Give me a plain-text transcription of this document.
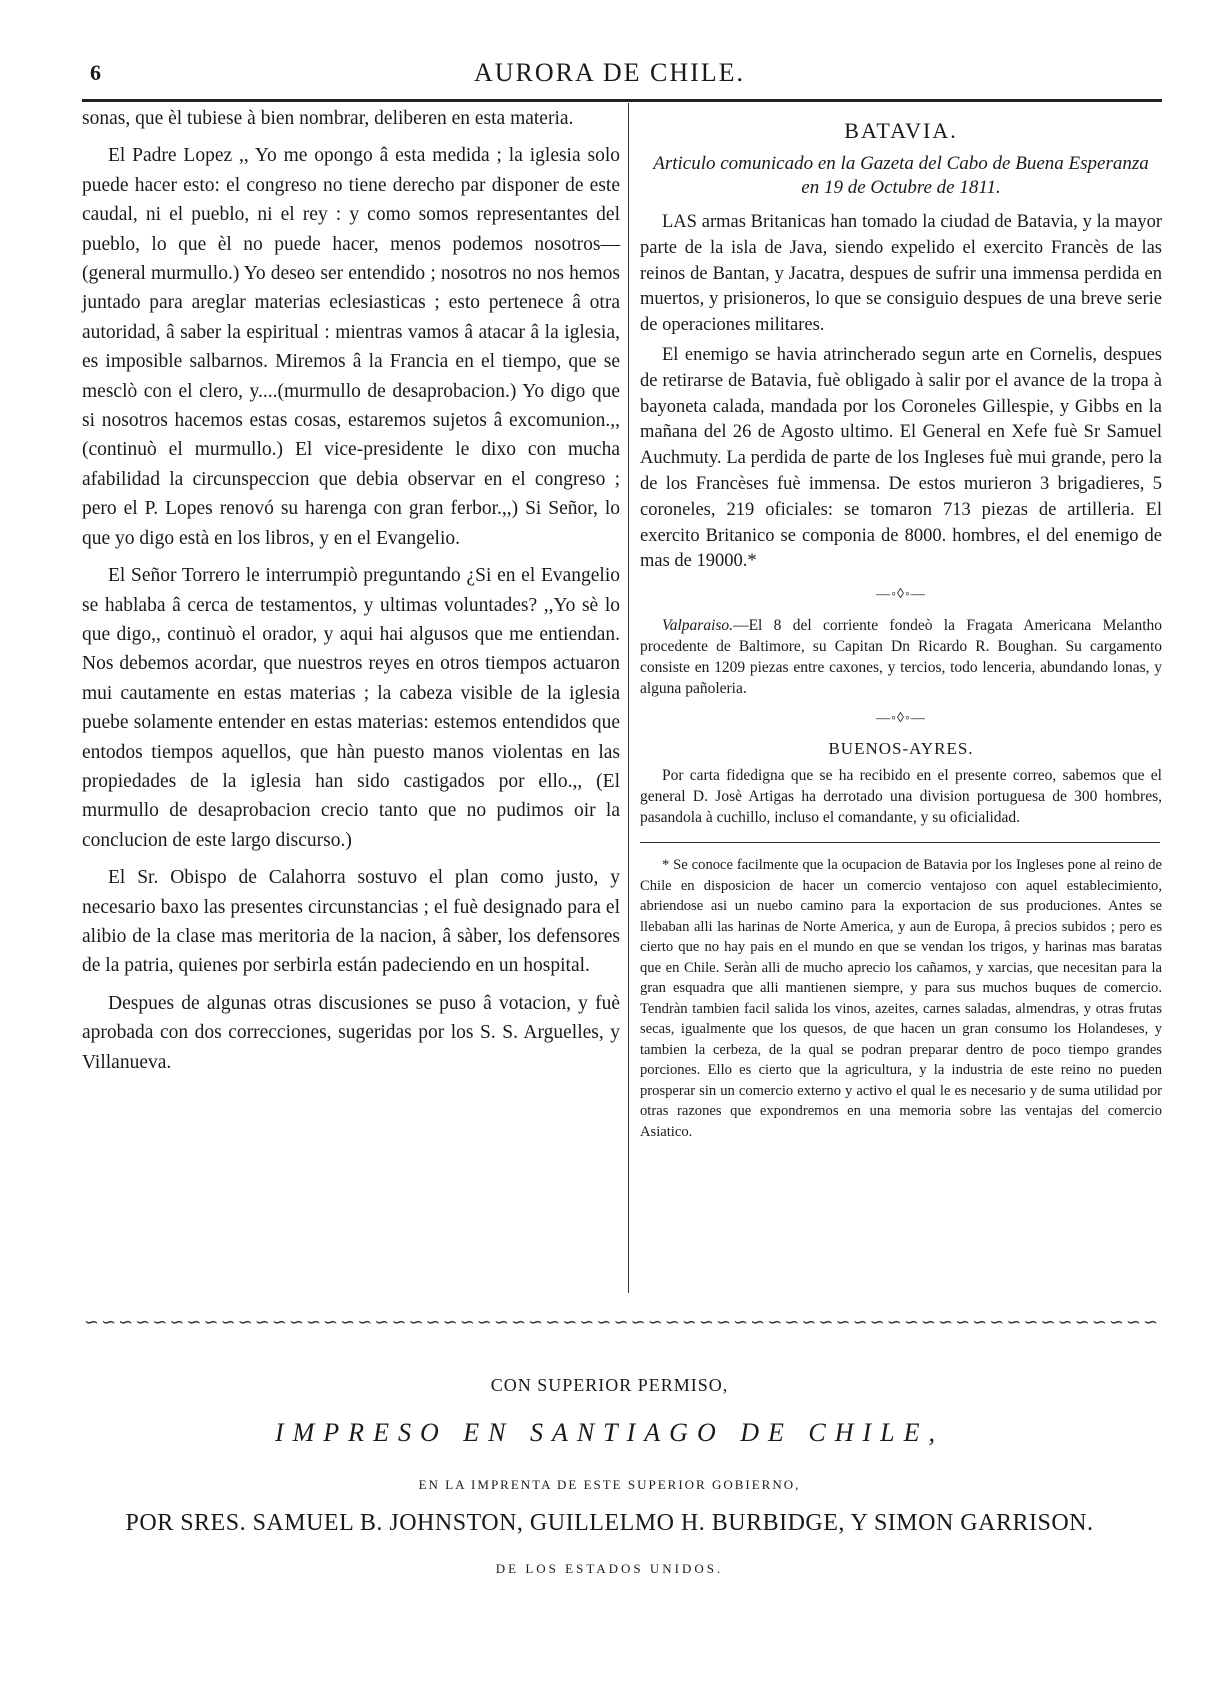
6	AURORA DE CHILE.

sonas, que èl tubiese à bien nombrar, deliberen en esta materia.

El Padre Lopez ,, Yo me opongo â esta medida ; la iglesia solo puede hacer esto: el congreso no tiene derecho par disponer de este caudal, ni el pueblo, ni el rey : y como somos representantes del pueblo, lo que èl no puede hacer, menos podemos nosotros—(general murmullo.) Yo deseo ser entendido ; nosotros no nos hemos juntado para areglar materias eclesiasticas ; esto pertenece â otra autoridad, â saber la espiritual : mientras vamos â atacar â la iglesia, es imposible salbarnos. Miremos â la Francia en el tiempo, que se mesclò con el clero, y....(murmullo de desaprobacion.) Yo digo que si nosotros hacemos estas cosas, estaremos sujetos â excomunion.,, (continuò el murmullo.) El vice-presidente le dixo con mucha afabilidad la circunspeccion que debia observar en el congreso ; pero el P. Lopes renovó su harenga con gran ferbor.,,) Si Señor, lo que yo digo està en los libros, y en el Evangelio.

El Señor Torrero le interrumpiò preguntando ¿Si en el Evangelio se hablaba â cerca de testamentos, y ultimas voluntades? ,,Yo sè lo que digo,, continuò el orador, y aqui hai algusos que me entiendan. Nos debemos acordar, que nuestros reyes en otros tiempos actuaron mui cautamente en estas materias ; la cabeza visible de la iglesia puebe solamente entender en estas materias: estemos entendidos que entodos tiempos aquellos, que hàn puesto manos violentas en las propiedades de la iglesia han sido castigados por ello.,, (El murmullo de desaprobacion crecio tanto que no pudimos oir la conclucion de este largo discurso.)

El Sr. Obispo de Calahorra sostuvo el plan como justo, y necesario baxo las presentes circunstancias ; el fuè designado para el alibio de la clase mas meritoria de la nacion, â sàber, los defensores de la patria, quienes por serbirla están padeciendo en un hospital.

Despues de algunas otras discusiones se puso â votacion, y fuè aprobada con dos correcciones, sugeridas por los S. S. Arguelles, y Villanueva.

BATAVIA.
Articulo comunicado en la Gazeta del Cabo de Buena Esperanza en 19 de Octubre de 1811.

LAS armas Britanicas han tomado la ciudad de Batavia, y la mayor parte de la isla de Java, siendo expelido el exercito Francès de las reinos de Bantan, y Jacatra, despues de sufrir una immensa perdida en muertos, y prisioneros, lo que se consiguio despues de una breve serie de operaciones militares.

El enemigo se havia atrincherado segun arte en Cornelis, despues de retirarse de Batavia, fuè obligado à salir por el avance de la tropa à bayoneta calada, mandada por los Coroneles Gillespie, y Gibbs en la mañana del 26 de Agosto ultimo. El General en Xefe fuè Sr Samuel Auchmuty. La perdida de parte de los Ingleses fuè mui grande, pero la de los Francèses fuè immensa. De estos murieron 3 brigadieres, 5 coroneles, 219 oficiales: se tomaron 713 piezas de artilleria. El exercito Britanico se componia de 8000. hombres, el del enemigo de mas de 19000.*

—◦◊◦—

Valparaiso.—El 8 del corriente fondeò la Fragata Americana Melantho procedente de Baltimore, su Capitan Dn Ricardo R. Boughan. Su cargamento consiste en 1209 piezas entre caxones, y tercios, todo lenceria, abundando lonas, y alguna pañoleria.

—◦◊◦—
BUENOS-AYRES.

Por carta fidedigna que se ha recibido en el presente correo, sabemos que el general D. Josè Artigas ha derrotado una division portuguesa de 300 hombres, pasandola à cuchillo, incluso el comandante, y su oficialidad.

* Se conoce facilmente que la ocupacion de Batavia por los Ingleses pone al reino de Chile en disposicion de hacer un comercio ventajoso con aquel establecimiento, abriendose asi un nuebo camino para la exportacion de sus produciones. Antes se llebaban alli las harinas de Norte America, y aun de Europa, â precios subidos ; pero es cierto que no hay pais en el mundo en que se vendan los trigos, y harinas mas baratas que en Chile. Seràn alli de mucho aprecio los cañamos, y xarcias, que necesitan para la gran esquadra que alli mantienen siempre, y para sus muchos buques de comercio. Tendràn tambien facil salida los vinos, azeites, carnes saladas, almendras, y otras frutas secas, igualmente que los quesos, de que hacen un gran consumo los Holandeses, y tambien la cerbeza, de la qual se podran preparar dentro de poco tiempo grandes porciones. Ello es cierto que la agricultura, y la industria de este reino no pueden prosperar sin un comercio externo y activo el qual le es necesario y de suma utilidad por otras razones que expondremos en una memoria sobre las ventajas del comercio Asiatico.

∽∽∽∽∽∽∽∽∽∽∽∽∽∽∽∽∽∽∽∽∽∽∽∽∽∽∽∽∽∽∽∽∽∽∽∽∽∽∽∽∽∽∽∽∽∽∽∽∽∽∽∽∽∽∽∽∽∽∽∽∽∽∽
CON SUPERIOR PERMISO,
IMPRESO EN SANTIAGO DE CHILE,
EN LA IMPRENTA DE ESTE SUPERIOR GOBIERNO,
POR SRES. SAMUEL B. JOHNSTON, GUILLELMO H. BURBIDGE, Y SIMON GARRISON.
DE LOS ESTADOS UNIDOS.
